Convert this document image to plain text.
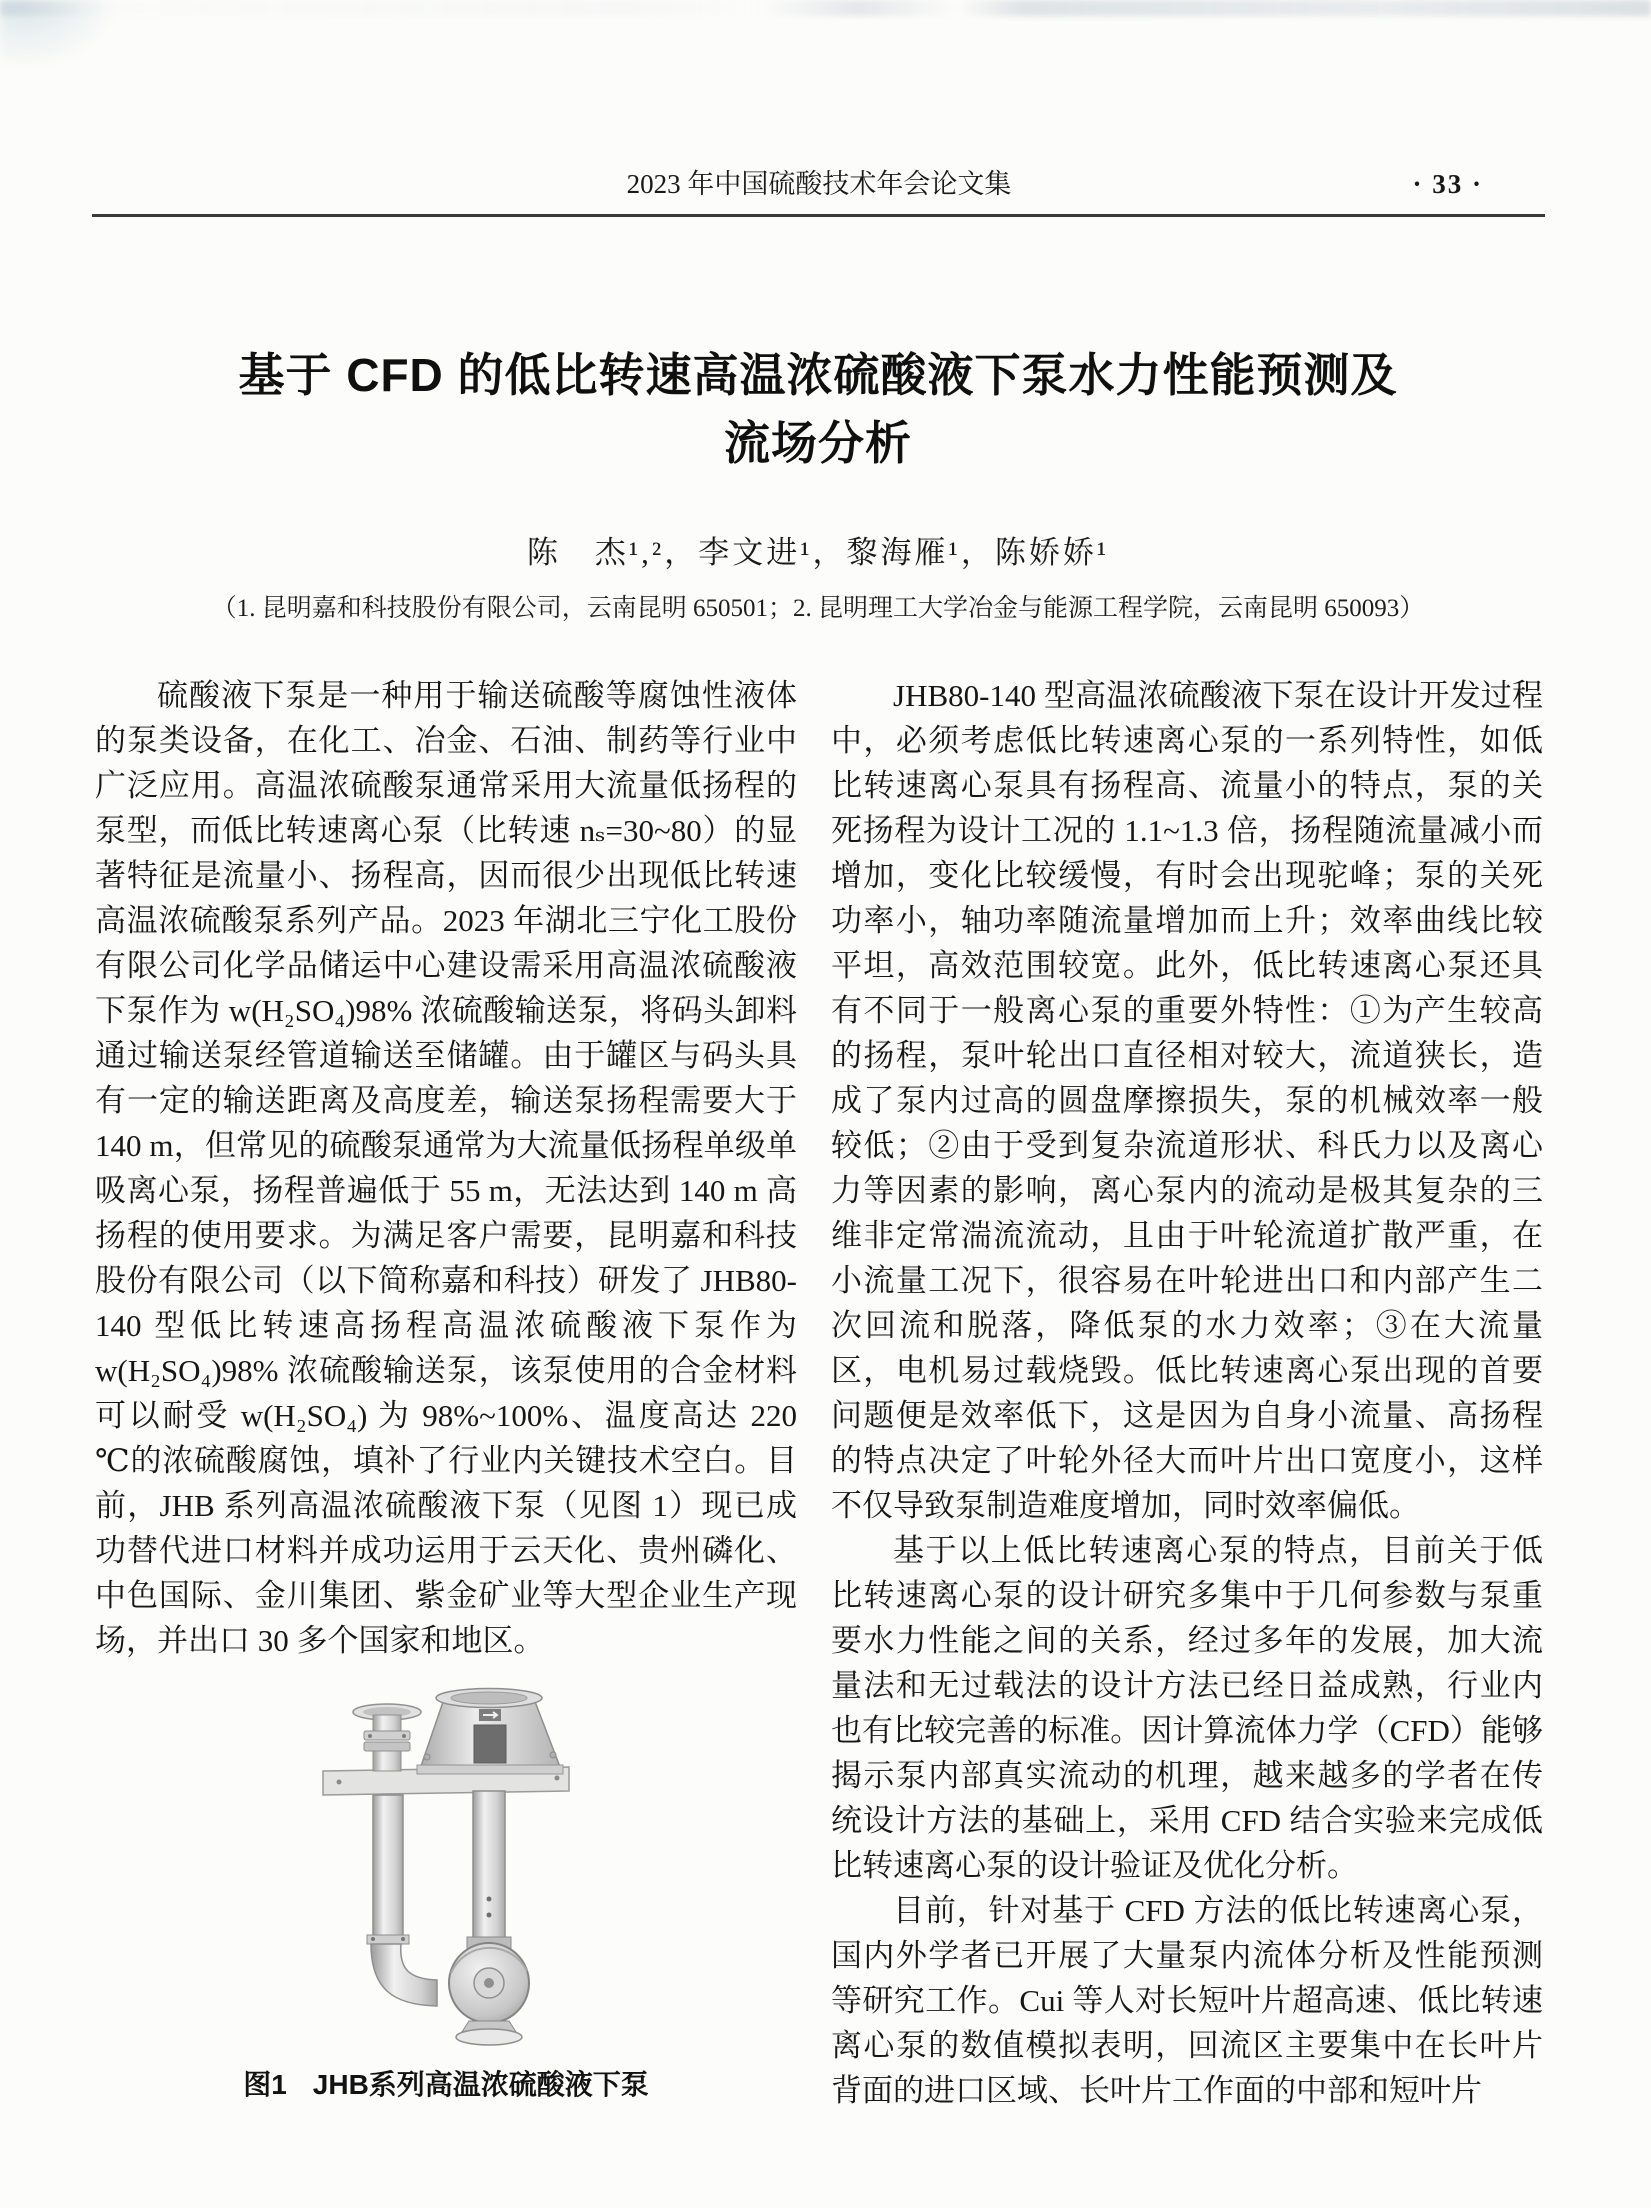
2023 年中国硫酸技术年会论文集	· 33 ·
基于 CFD 的低比转速高温浓硫酸液下泵水力性能预测及
流场分析
陈　杰¹,²，李文进¹，黎海雁¹，陈娇娇¹
（1. 昆明嘉和科技股份有限公司，云南昆明 650501；2. 昆明理工大学冶金与能源工程学院，云南昆明 650093）

硫酸液下泵是一种用于输送硫酸等腐蚀性液体的泵类设备，在化工、冶金、石油、制药等行业中广泛应用。高温浓硫酸泵通常采用大流量低扬程的泵型，而低比转速离心泵（比转速 nₛ=30~80）的显著特征是流量小、扬程高，因而很少出现低比转速高温浓硫酸泵系列产品。2023 年湖北三宁化工股份有限公司化学品储运中心建设需采用高温浓硫酸液下泵作为 w(H₂SO₄)98% 浓硫酸输送泵，将码头卸料通过输送泵经管道输送至储罐。由于罐区与码头具有一定的输送距离及高度差，输送泵扬程需要大于 140 m，但常见的硫酸泵通常为大流量低扬程单级单吸离心泵，扬程普遍低于 55 m，无法达到 140 m 高扬程的使用要求。为满足客户需要，昆明嘉和科技股份有限公司（以下简称嘉和科技）研发了 JHB80-140 型低比转速高扬程高温浓硫酸液下泵作为 w(H₂SO₄)98% 浓硫酸输送泵，该泵使用的合金材料可以耐受 w(H₂SO₄) 为 98%~100%、温度高达 220 ℃的浓硫酸腐蚀，填补了行业内关键技术空白。目前，JHB 系列高温浓硫酸液下泵（见图 1）现已成功替代进口材料并成功运用于云天化、贵州磷化、中色国际、金川集团、紫金矿业等大型企业生产现场，并出口 30 多个国家和地区。

图1 JHB系列高温浓硫酸液下泵

JHB80-140 型高温浓硫酸液下泵在设计开发过程中，必须考虑低比转速离心泵的一系列特性，如低比转速离心泵具有扬程高、流量小的特点，泵的关死扬程为设计工况的 1.1~1.3 倍，扬程随流量减小而增加，变化比较缓慢，有时会出现驼峰；泵的关死功率小，轴功率随流量增加而上升；效率曲线比较平坦，高效范围较宽。此外，低比转速离心泵还具有不同于一般离心泵的重要外特性：①为产生较高的扬程，泵叶轮出口直径相对较大，流道狭长，造成了泵内过高的圆盘摩擦损失，泵的机械效率一般较低；②由于受到复杂流道形状、科氏力以及离心力等因素的影响，离心泵内的流动是极其复杂的三维非定常湍流流动，且由于叶轮流道扩散严重，在小流量工况下，很容易在叶轮进出口和内部产生二次回流和脱落，降低泵的水力效率；③在大流量区，电机易过载烧毁。低比转速离心泵出现的首要问题便是效率低下，这是因为自身小流量、高扬程的特点决定了叶轮外径大而叶片出口宽度小，这样不仅导致泵制造难度增加，同时效率偏低。

基于以上低比转速离心泵的特点，目前关于低比转速离心泵的设计研究多集中于几何参数与泵重要水力性能之间的关系，经过多年的发展，加大流量法和无过载法的设计方法已经日益成熟，行业内也有比较完善的标准。因计算流体力学（CFD）能够揭示泵内部真实流动的机理，越来越多的学者在传统设计方法的基础上，采用 CFD 结合实验来完成低比转速离心泵的设计验证及优化分析。

目前，针对基于 CFD 方法的低比转速离心泵，国内外学者已开展了大量泵内流体分析及性能预测等研究工作。Cui 等人对长短叶片超高速、低比转速离心泵的数值模拟表明，回流区主要集中在长叶片背面的进口区域、长叶片工作面的中部和短叶片
